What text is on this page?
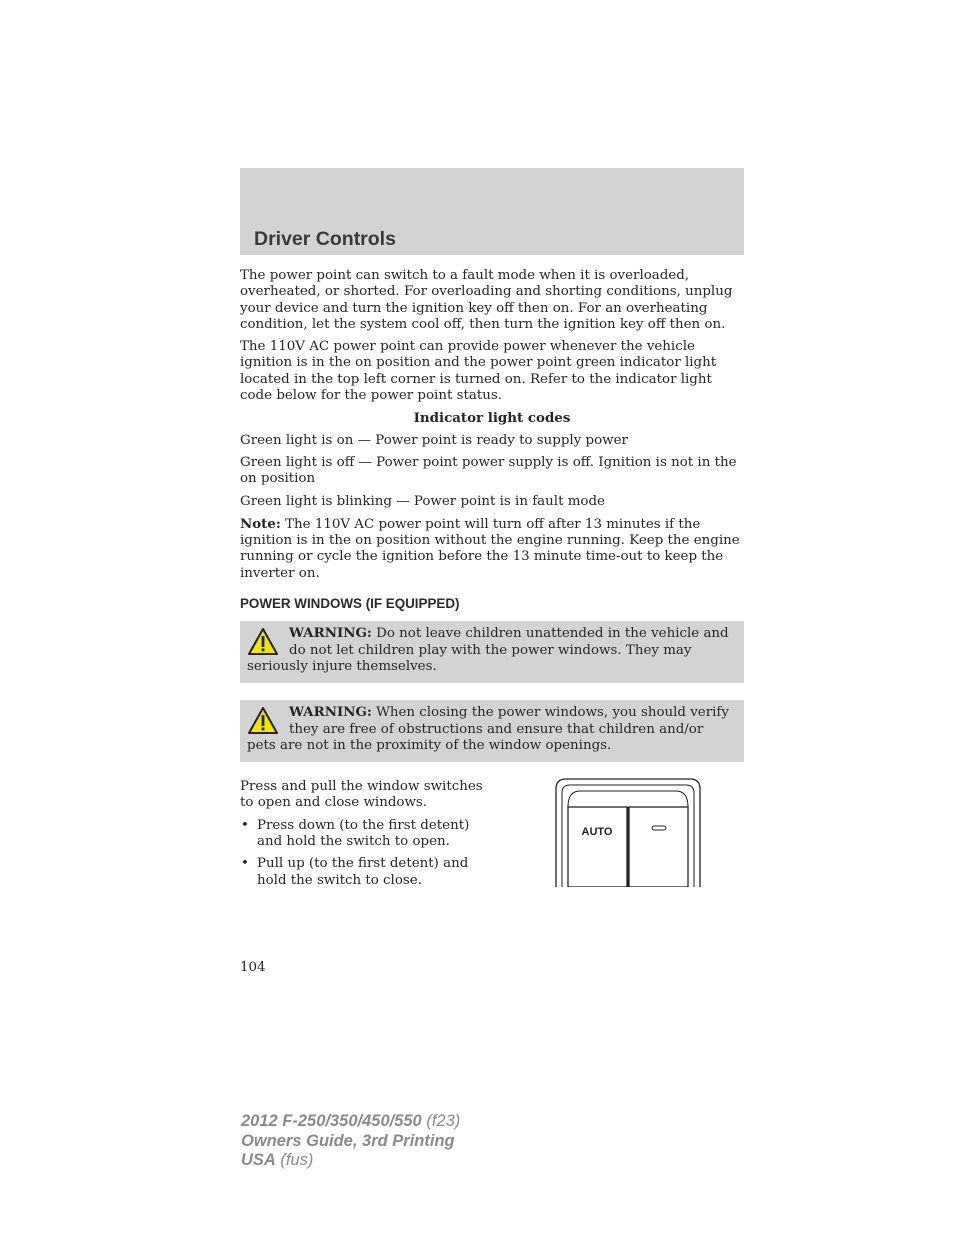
Driver Controls

The power point can switch to a fault mode when it is overloaded, overheated, or shorted. For overloading and shorting conditions, unplug your device and turn the ignition key off then on. For an overheating condition, let the system cool off, then turn the ignition key off then on.

The 110V AC power point can provide power whenever the vehicle ignition is in the on position and the power point green indicator light located in the top left corner is turned on. Refer to the indicator light code below for the power point status.

Indicator light codes

Green light is on — Power point is ready to supply power

Green light is off — Power point power supply is off. Ignition is not in the on position

Green light is blinking — Power point is in fault mode

Note: The 110V AC power point will turn off after 13 minutes if the ignition is in the on position without the engine running. Keep the engine running or cycle the ignition before the 13 minute time-out to keep the inverter on.

POWER WINDOWS (IF EQUIPPED)
WARNING: Do not leave children unattended in the vehicle and do not let children play with the power windows. They may seriously injure themselves.
WARNING: When closing the power windows, you should verify they are free of obstructions and ensure that children and/or pets are not in the proximity of the window openings.

Press and pull the window switches to open and close windows.

• Press down (to the first detent) and hold the switch to open.
• Pull up (to the first detent) and hold the switch to close.
AUTO
104
2012 F-250/350/450/550 (f23)
Owners Guide, 3rd Printing
USA (fus)
